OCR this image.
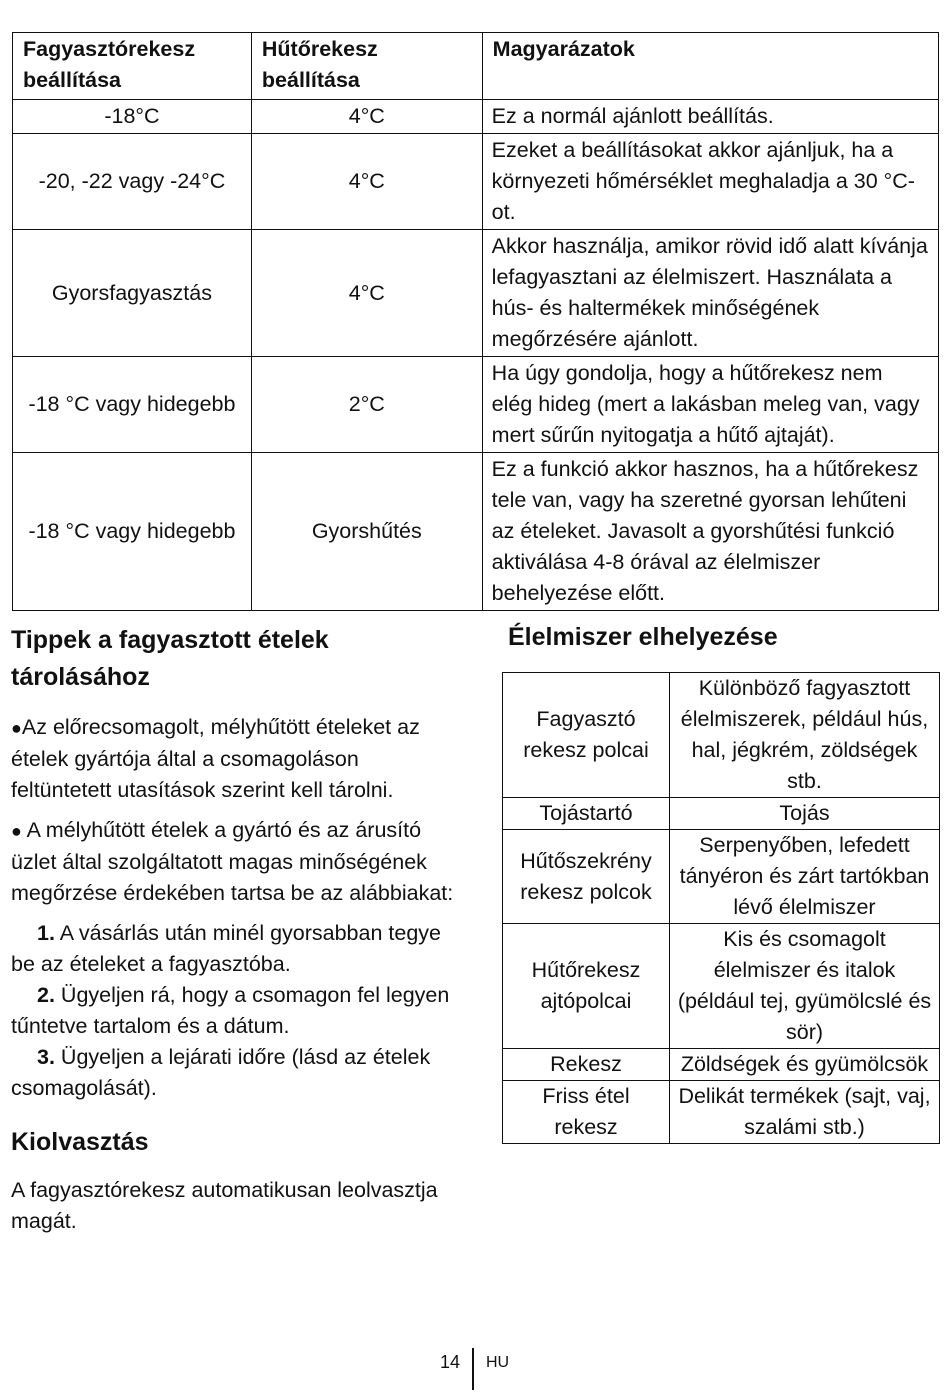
Fagyasztórekesz beállítása	Hűtőrekesz beállítása	Magyarázatok
-18°C	4°C	Ez a normál ajánlott beállítás.
-20, -22 vagy -24°C	4°C	Ezeket a beállításokat akkor ajánljuk, ha a környezeti hőmérséklet meghaladja a 30 °C-ot.
Gyorsfagyasztás	4°C	Akkor használja, amikor rövid idő alatt kívánja lefagyasztani az élelmiszert. Használata a hús- és haltermékek minőségének megőrzésére ajánlott.
-18 °C vagy hidegebb	2°C	Ha úgy gondolja, hogy a hűtőrekesz nem elég hideg (mert a lakásban meleg van, vagy mert sűrűn nyitogatja a hűtő ajtaját).
-18 °C vagy hidegebb	Gyorshűtés	Ez a funkció akkor hasznos, ha a hűtőrekesz tele van, vagy ha szeretné gyorsan lehűteni az ételeket. Javasolt a gyorshűtési funkció aktiválása 4-8 órával az élelmiszer behelyezése előtt.
Tippek a fagyasztott ételek tárolásához

●Az előrecsomagolt, mélyhűtött ételeket az ételek gyártója által a csomagoláson feltüntetett utasítások szerint kell tárolni.

● A mélyhűtött ételek a gyártó és az árusító üzlet által szolgáltatott magas minőségének megőrzése érdekében tartsa be az alábbiakat:

1. A vásárlás után minél gyorsabban tegye be az ételeket a fagyasztóba.

2. Ügyeljen rá, hogy a csomagon fel legyen tűntetve tartalom és a dátum.

3. Ügyeljen a lejárati időre (lásd az ételek csomagolását).

Kiolvasztás

A fagyasztórekesz automatikusan leolvasztja magát.

Élelmiszer elhelyezése
Fagyasztó rekesz polcai	Különböző fagyasztott élelmiszerek, például hús, hal, jégkrém, zöldségek stb.
Tojástartó	Tojás
Hűtőszekrény rekesz polcok	Serpenyőben, lefedett tányéron és zárt tartókban lévő élelmiszer
Hűtőrekesz ajtópolcai	Kis és csomagolt élelmiszer és italok (például tej, gyümölcslé és sör)
Rekesz	Zöldségek és gyümölcsök
Friss étel rekesz	Delikát termékek (sajt, vaj, szalámi stb.)
14 HU
